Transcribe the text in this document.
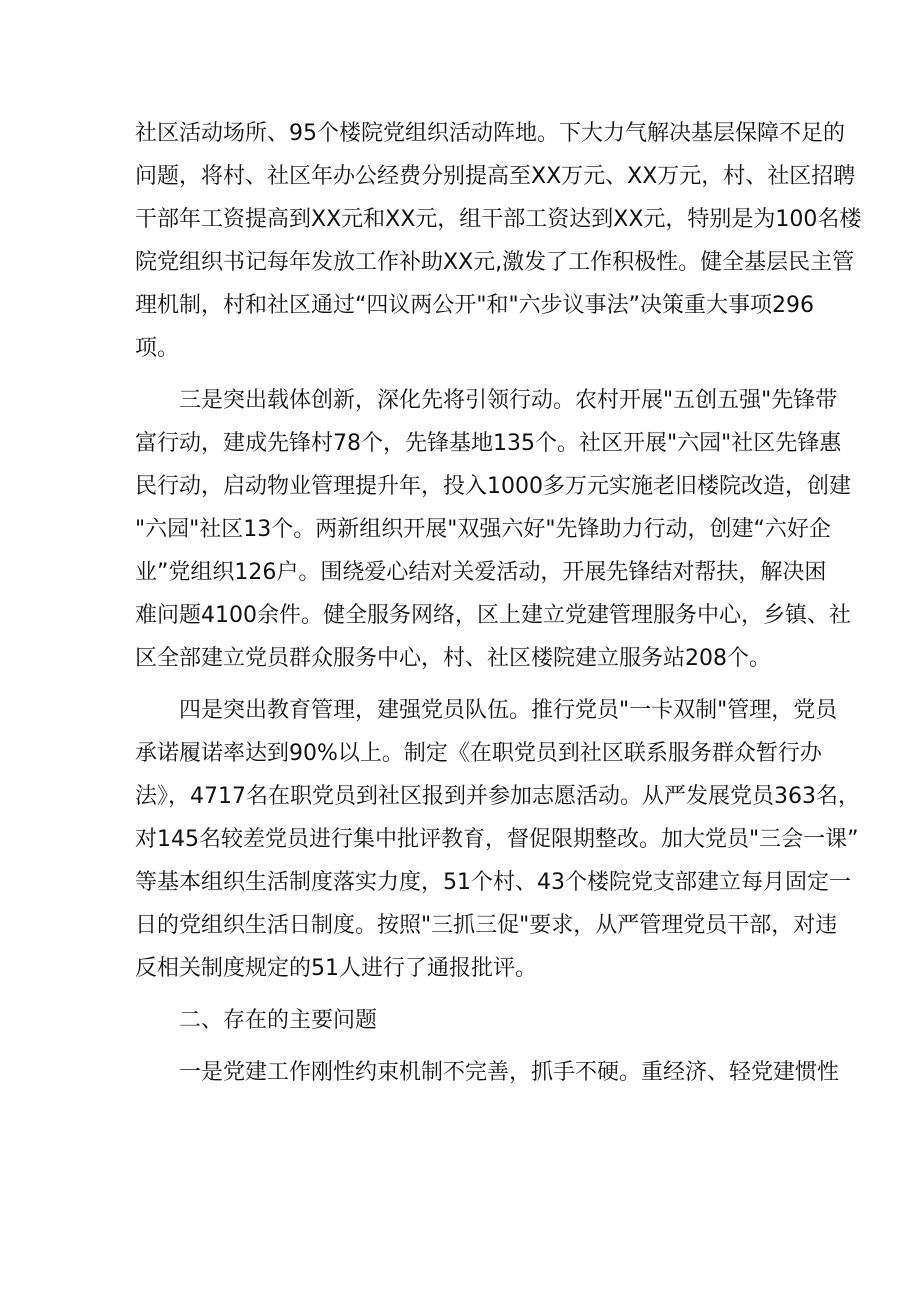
社区活动场所、95个楼院党组织活动阵地。下大力气解决基层保障不足的
问题，将村、社区年办公经费分别提高至XX万元、XX万元，村、社区招聘
干部年工资提高到XX元和XX元，组干部工资达到XX元，特别是为100名楼
院党组织书记每年发放工作补助XX元,激发了工作积极性。健全基层民主管
理机制，村和社区通过“四议两公开"和"六步议事法”决策重大事项296
项。
三是突出载体创新，深化先将引领行动。农村开展"五创五强"先锋带
富行动，建成先锋村78个，先锋基地135个。社区开展"六园"社区先锋惠
民行动，启动物业管理提升年，投入1000多万元实施老旧楼院改造，创建
"六园"社区13个。两新组织开展"双强六好"先锋助力行动，创建“六好企
业”党组织126户。围绕爱心结对关爱活动，开展先锋结对帮扶，解决困
难问题4100余件。健全服务网络，区上建立党建管理服务中心，乡镇、社
区全部建立党员群众服务中心，村、社区楼院建立服务站208个。
四是突出教育管理，建强党员队伍。推行党员"一卡双制"管理，党员
承诺履诺率达到90%以上。制定《在职党员到社区联系服务群众暂行办
法》，4717名在职党员到社区报到并参加志愿活动。从严发展党员363名，
对145名较差党员进行集中批评教育，督促限期整改。加大党员"三会一课”
等基本组织生活制度落实力度，51个村、43个楼院党支部建立每月固定一
日的党组织生活日制度。按照"三抓三促"要求，从严管理党员干部，对违
反相关制度规定的51人进行了通报批评。
二、存在的主要问题
一是党建工作刚性约束机制不完善，抓手不硬。重经济、轻党建惯性
